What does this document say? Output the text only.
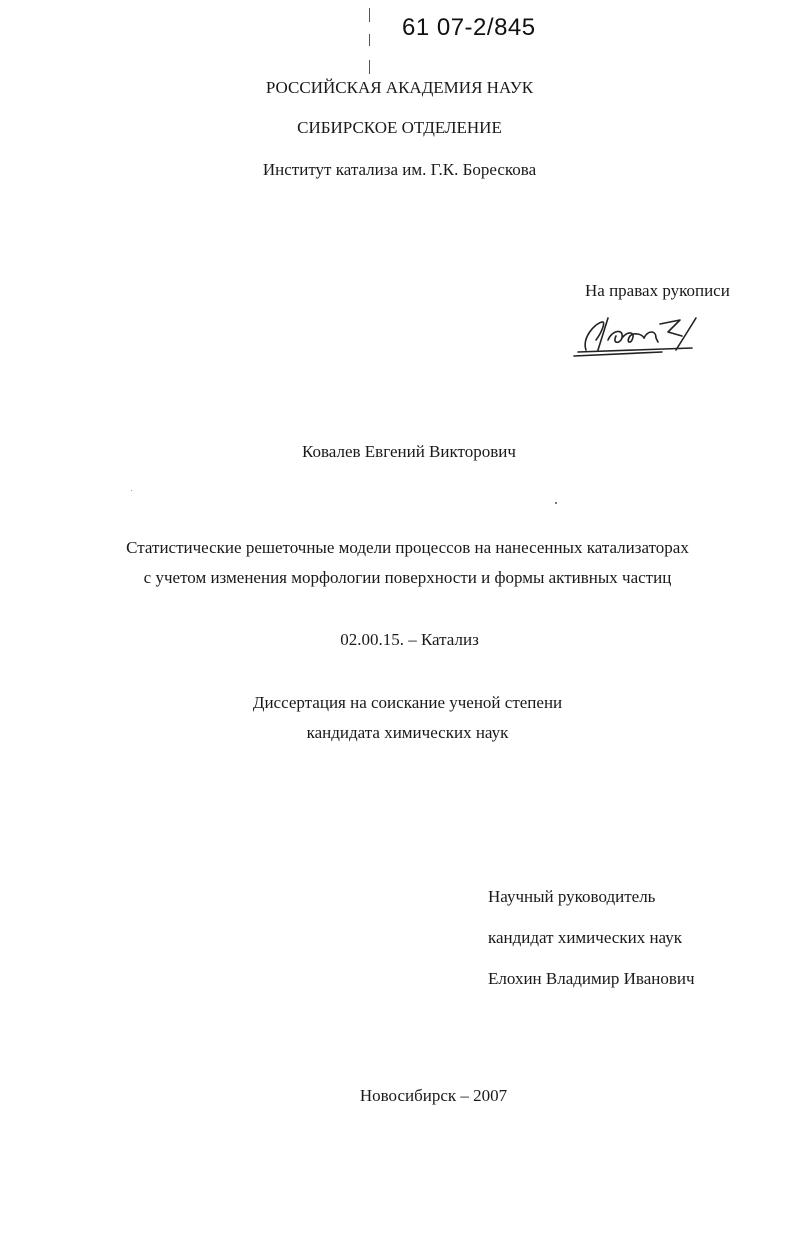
61 07-2/845
РОССИЙСКАЯ АКАДЕМИЯ НАУК
СИБИРСКОЕ ОТДЕЛЕНИЕ
Институт катализа им. Г.К. Борескова
На правах рукописи
Ковалев Евгений Викторович
Статистические решеточные модели процессов на нанесенных катализаторах
с учетом изменения морфологии поверхности и формы активных частиц
02.00.15. – Катализ
Диссертация на соискание ученой степени
кандидата химических наук
Научный руководитель
кандидат химических наук
Елохин Владимир Иванович
Новосибирск – 2007
